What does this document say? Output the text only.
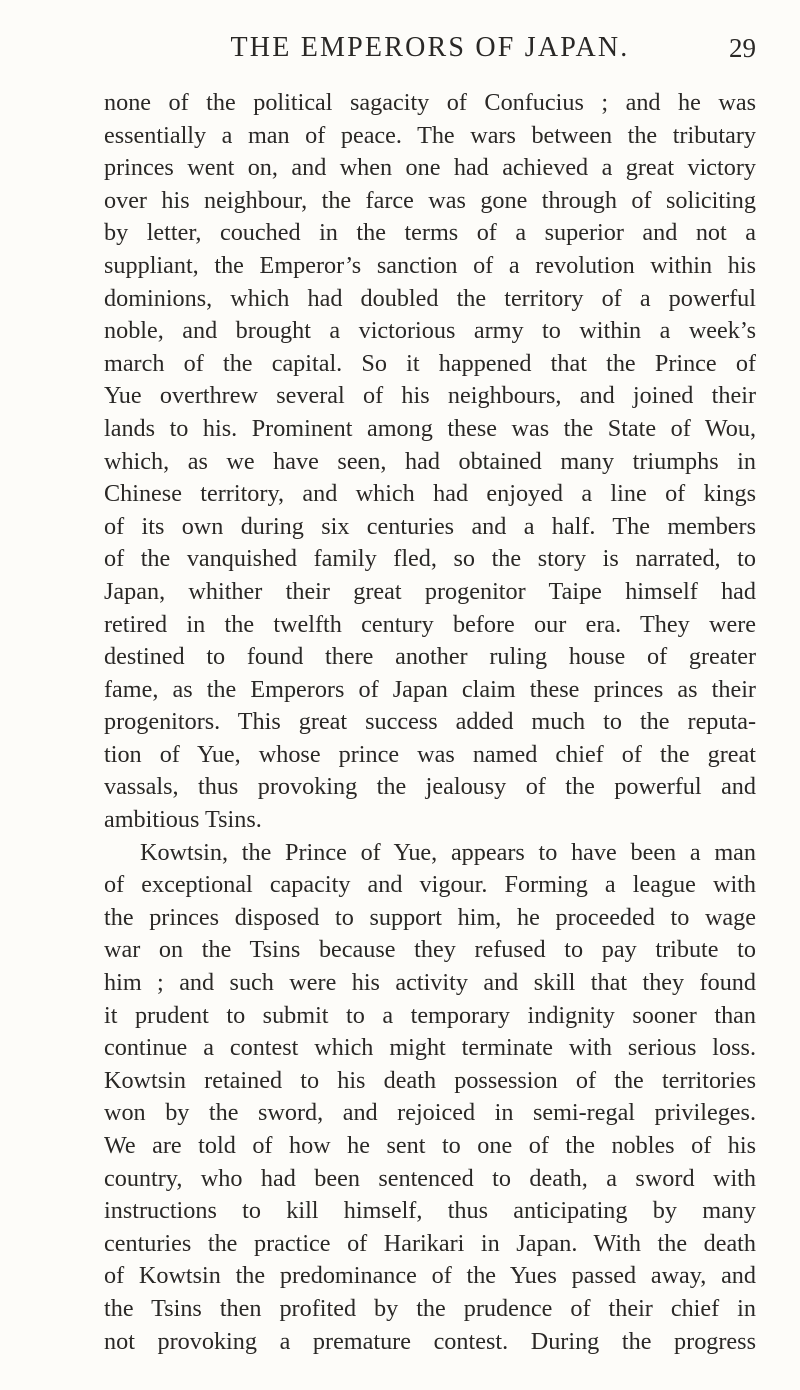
THE EMPERORS OF JAPAN.	29
none of the political sagacity of Confucius ; and he was
essentially a man of peace. The wars between the tributary
princes went on, and when one had achieved a great victory
over his neighbour, the farce was gone through of soliciting
by letter, couched in the terms of a superior and not a
suppliant, the Emperor’s sanction of a revolution within his
dominions, which had doubled the territory of a powerful
noble, and brought a victorious army to within a week’s
march of the capital. So it happened that the Prince of
Yue overthrew several of his neighbours, and joined their
lands to his. Prominent among these was the State of Wou,
which, as we have seen, had obtained many triumphs in
Chinese territory, and which had enjoyed a line of kings
of its own during six centuries and a half. The members
of the vanquished family fled, so the story is narrated, to
Japan, whither their great progenitor Taipe himself had
retired in the twelfth century before our era. They were
destined to found there another ruling house of greater
fame, as the Emperors of Japan claim these princes as their
progenitors. This great success added much to the reputa-
tion of Yue, whose prince was named chief of the great
vassals, thus provoking the jealousy of the powerful and
ambitious Tsins.
Kowtsin, the Prince of Yue, appears to have been a man
of exceptional capacity and vigour. Forming a league with
the princes disposed to support him, he proceeded to wage
war on the Tsins because they refused to pay tribute to
him ; and such were his activity and skill that they found
it prudent to submit to a temporary indignity sooner than
continue a contest which might terminate with serious loss.
Kowtsin retained to his death possession of the territories
won by the sword, and rejoiced in semi-regal privileges.
We are told of how he sent to one of the nobles of his
country, who had been sentenced to death, a sword with
instructions to kill himself, thus anticipating by many
centuries the practice of Harikari in Japan. With the death
of Kowtsin the predominance of the Yues passed away, and
the Tsins then profited by the prudence of their chief in
not provoking a premature contest. During the progress
